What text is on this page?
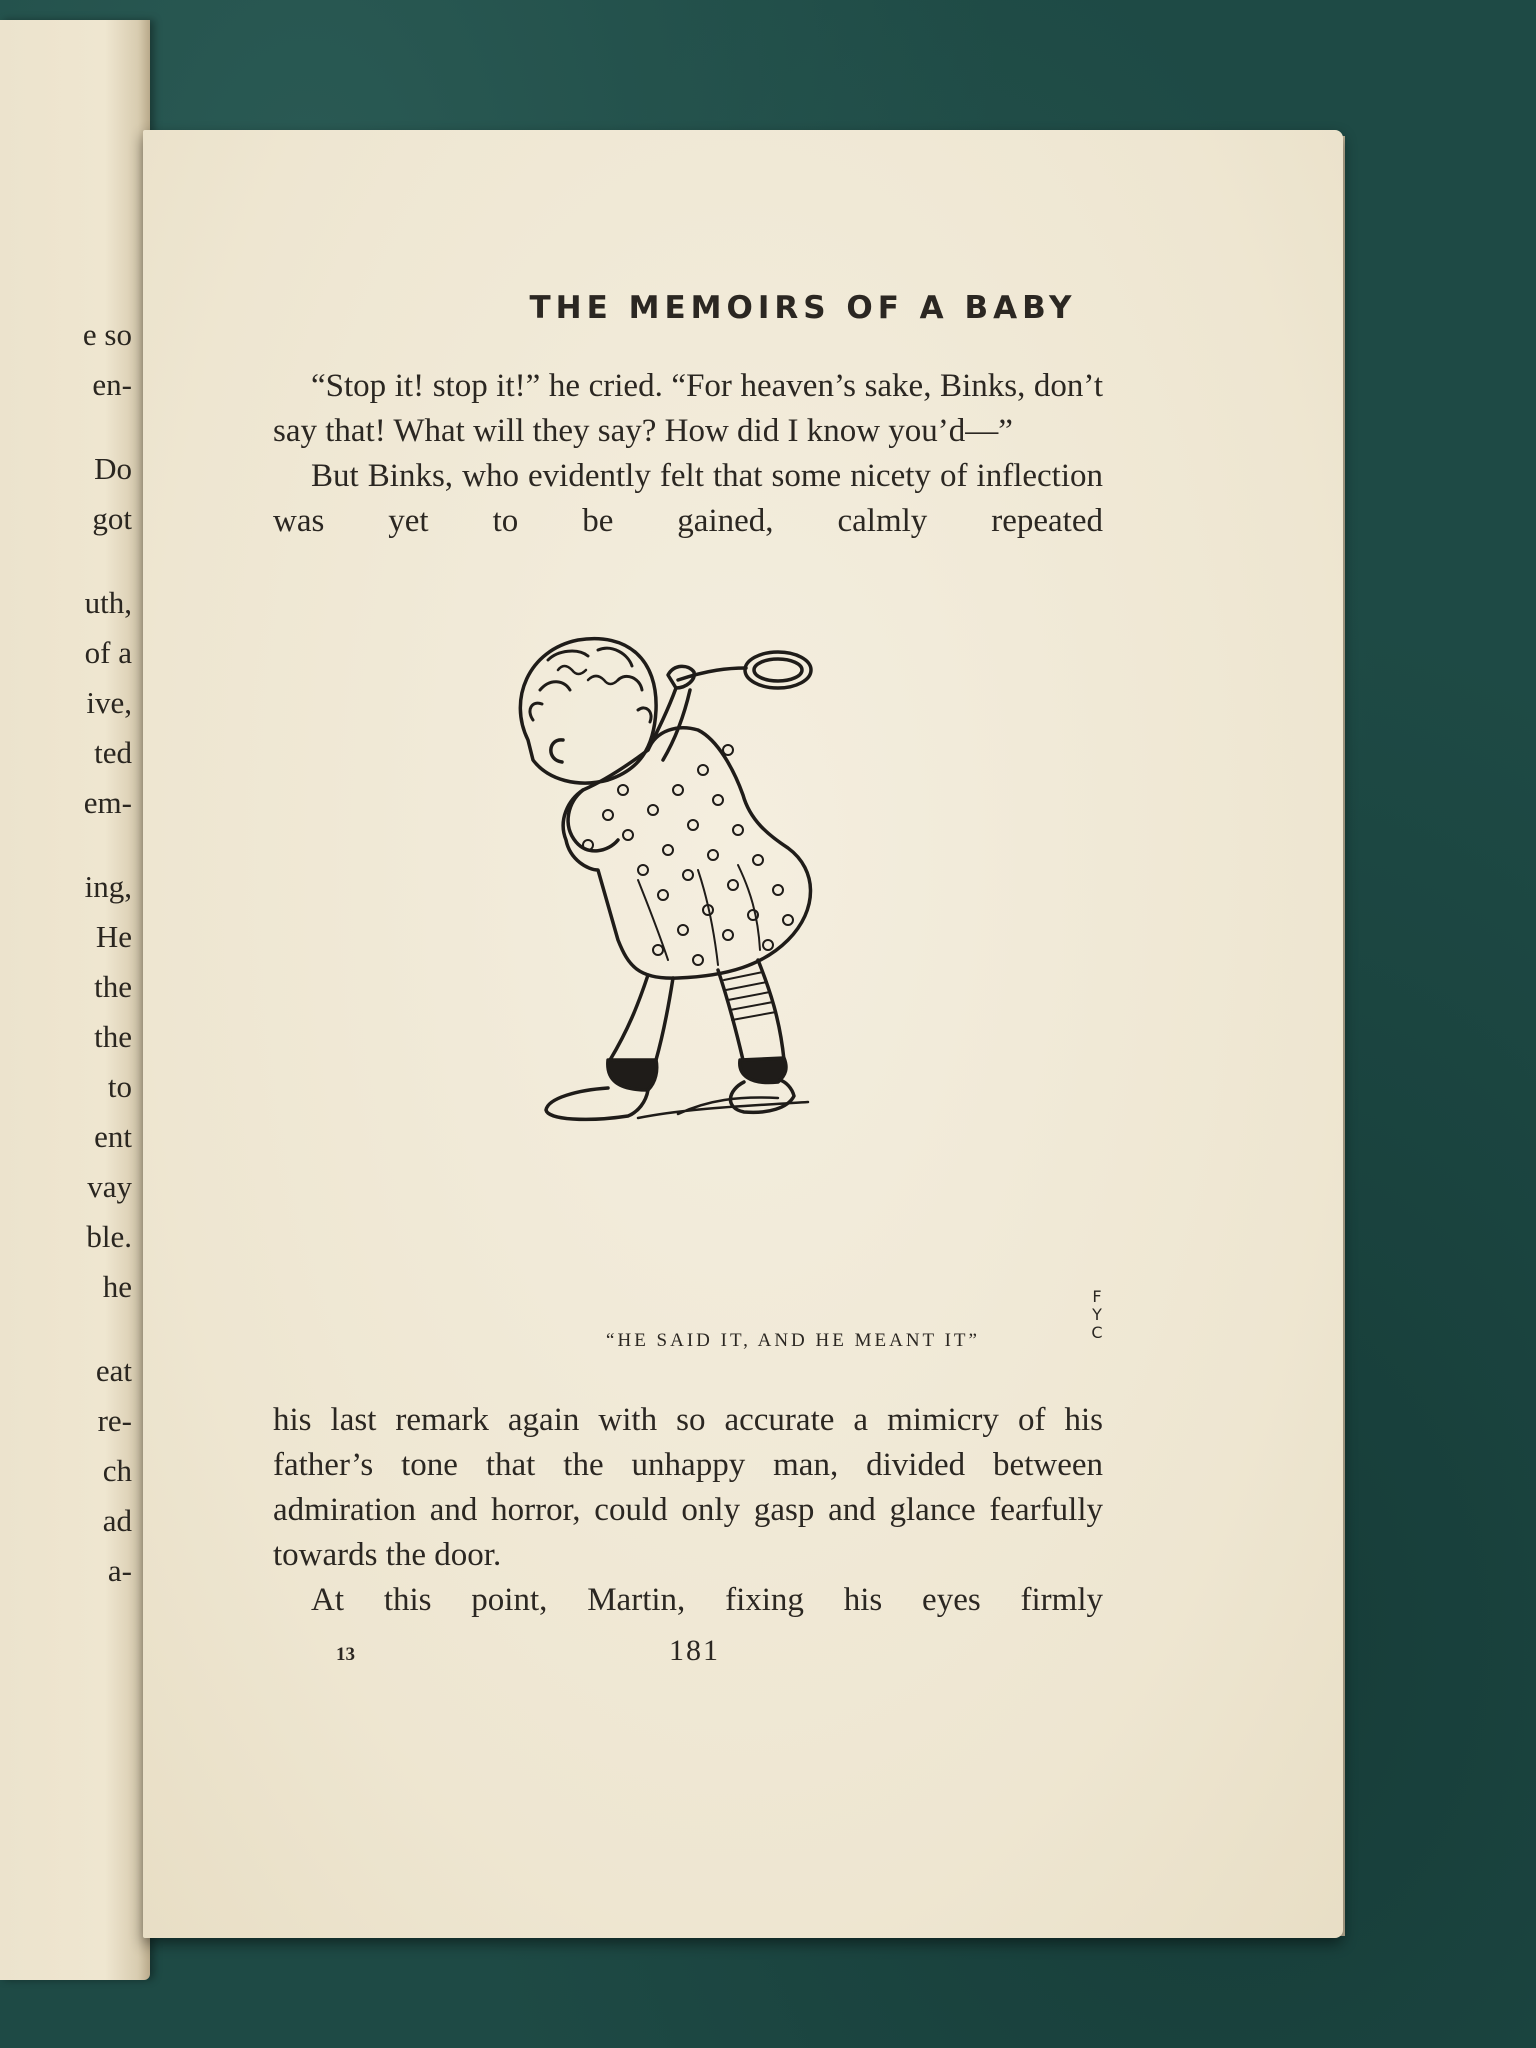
e so
en-
Do
got
uth,
of a
ive,
ted
em-
ing,
He
the
the
to
ent
vay
ble.
he
eat
re-
ch
ad
a-
THE MEMOIRS OF A BABY

“Stop it! stop it!” he cried. “For heaven’s sake, Binks, don’t say that! What will they say? How did I know you’d—”

But Binks, who evidently felt that some nicety of inflection was yet to be gained, calmly repeated

F
Y
C
“HE SAID IT, AND HE MEANT IT”

his last remark again with so accurate a mimicry of his father’s tone that the unhappy man, divided between admiration and horror, could only gasp and glance fearfully towards the door.

At this point, Martin, fixing his eyes firmly

13	181
